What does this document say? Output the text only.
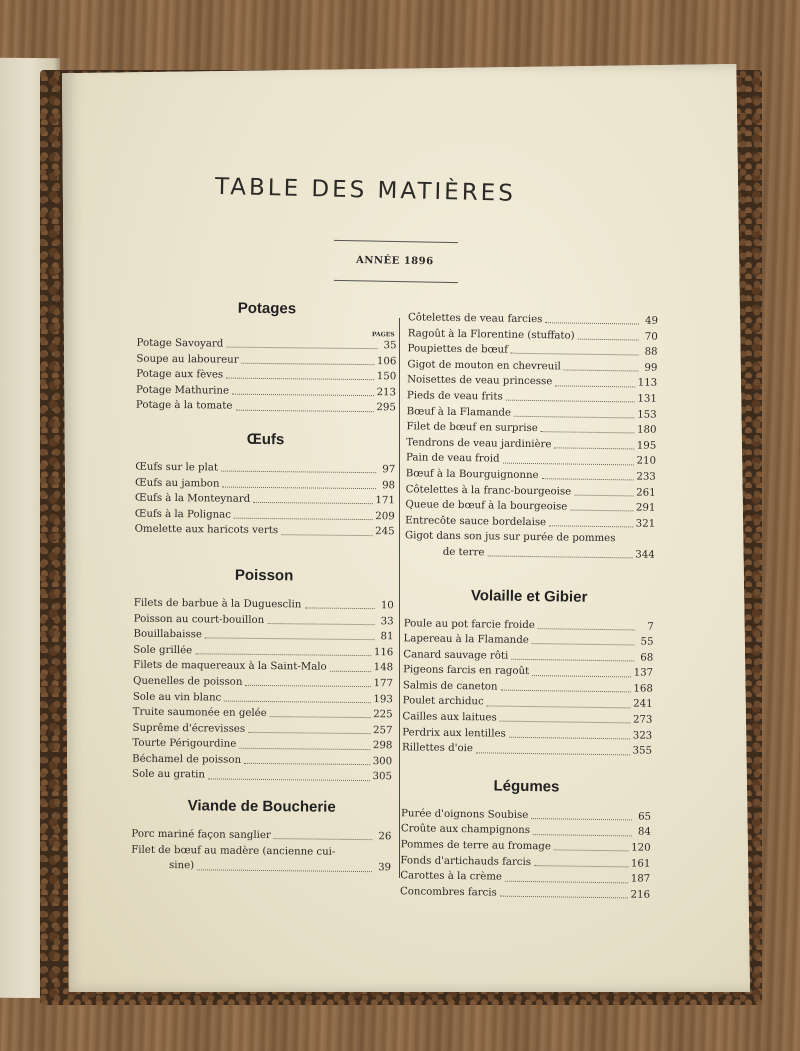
TABLE DES MATIÈRES
ANNÉE 1896
Potages
PAGES
Potage Savoyard	35
Soupe au laboureur	106
Potage aux fèves	150
Potage Mathurine	213
Potage à la tomate	295
Œufs
Œufs sur le plat	97
Œufs au jambon	98
Œufs à la Monteynard	171
Œufs à la Polignac	209
Omelette aux haricots verts	245
Poisson
Filets de barbue à la Duguesclin	10
Poisson au court-bouillon	33
Bouillabaisse	81
Sole grillée	116
Filets de maquereaux à la Saint-Malo	148
Quenelles de poisson	177
Sole au vin blanc	193
Truite saumonée en gelée	225
Suprême d'écrevisses	257
Tourte Périgourdine	298
Béchamel de poisson	300
Sole au gratin	305
Viande de Boucherie
Porc mariné façon sanglier	26
Filet de bœuf au madère (ancienne cui-
sine)	39
Côtelettes de veau farcies	49
Ragoût à la Florentine (stuffato)	70
Poupiettes de bœuf	88
Gigot de mouton en chevreuil	99
Noisettes de veau princesse	113
Pieds de veau frits	131
Bœuf à la Flamande	153
Filet de bœuf en surprise	180
Tendrons de veau jardinière	195
Pain de veau froid	210
Bœuf à la Bourguignonne	233
Côtelettes à la franc-bourgeoise	261
Queue de bœuf à la bourgeoise	291
Entrecôte sauce bordelaise	321
Gigot dans son jus sur purée de pommes
de terre	344
Volaille et Gibier
Poule au pot farcie froide	7
Lapereau à la Flamande	55
Canard sauvage rôti	68
Pigeons farcis en ragoût	137
Salmis de caneton	168
Poulet archiduc	241
Cailles aux laitues	273
Perdrix aux lentilles	323
Rillettes d'oie	355
Légumes
Purée d'oignons Soubise	65
Croûte aux champignons	84
Pommes de terre au fromage	120
Fonds d'artichauds farcis	161
Carottes à la crème	187
Concombres farcis	216
